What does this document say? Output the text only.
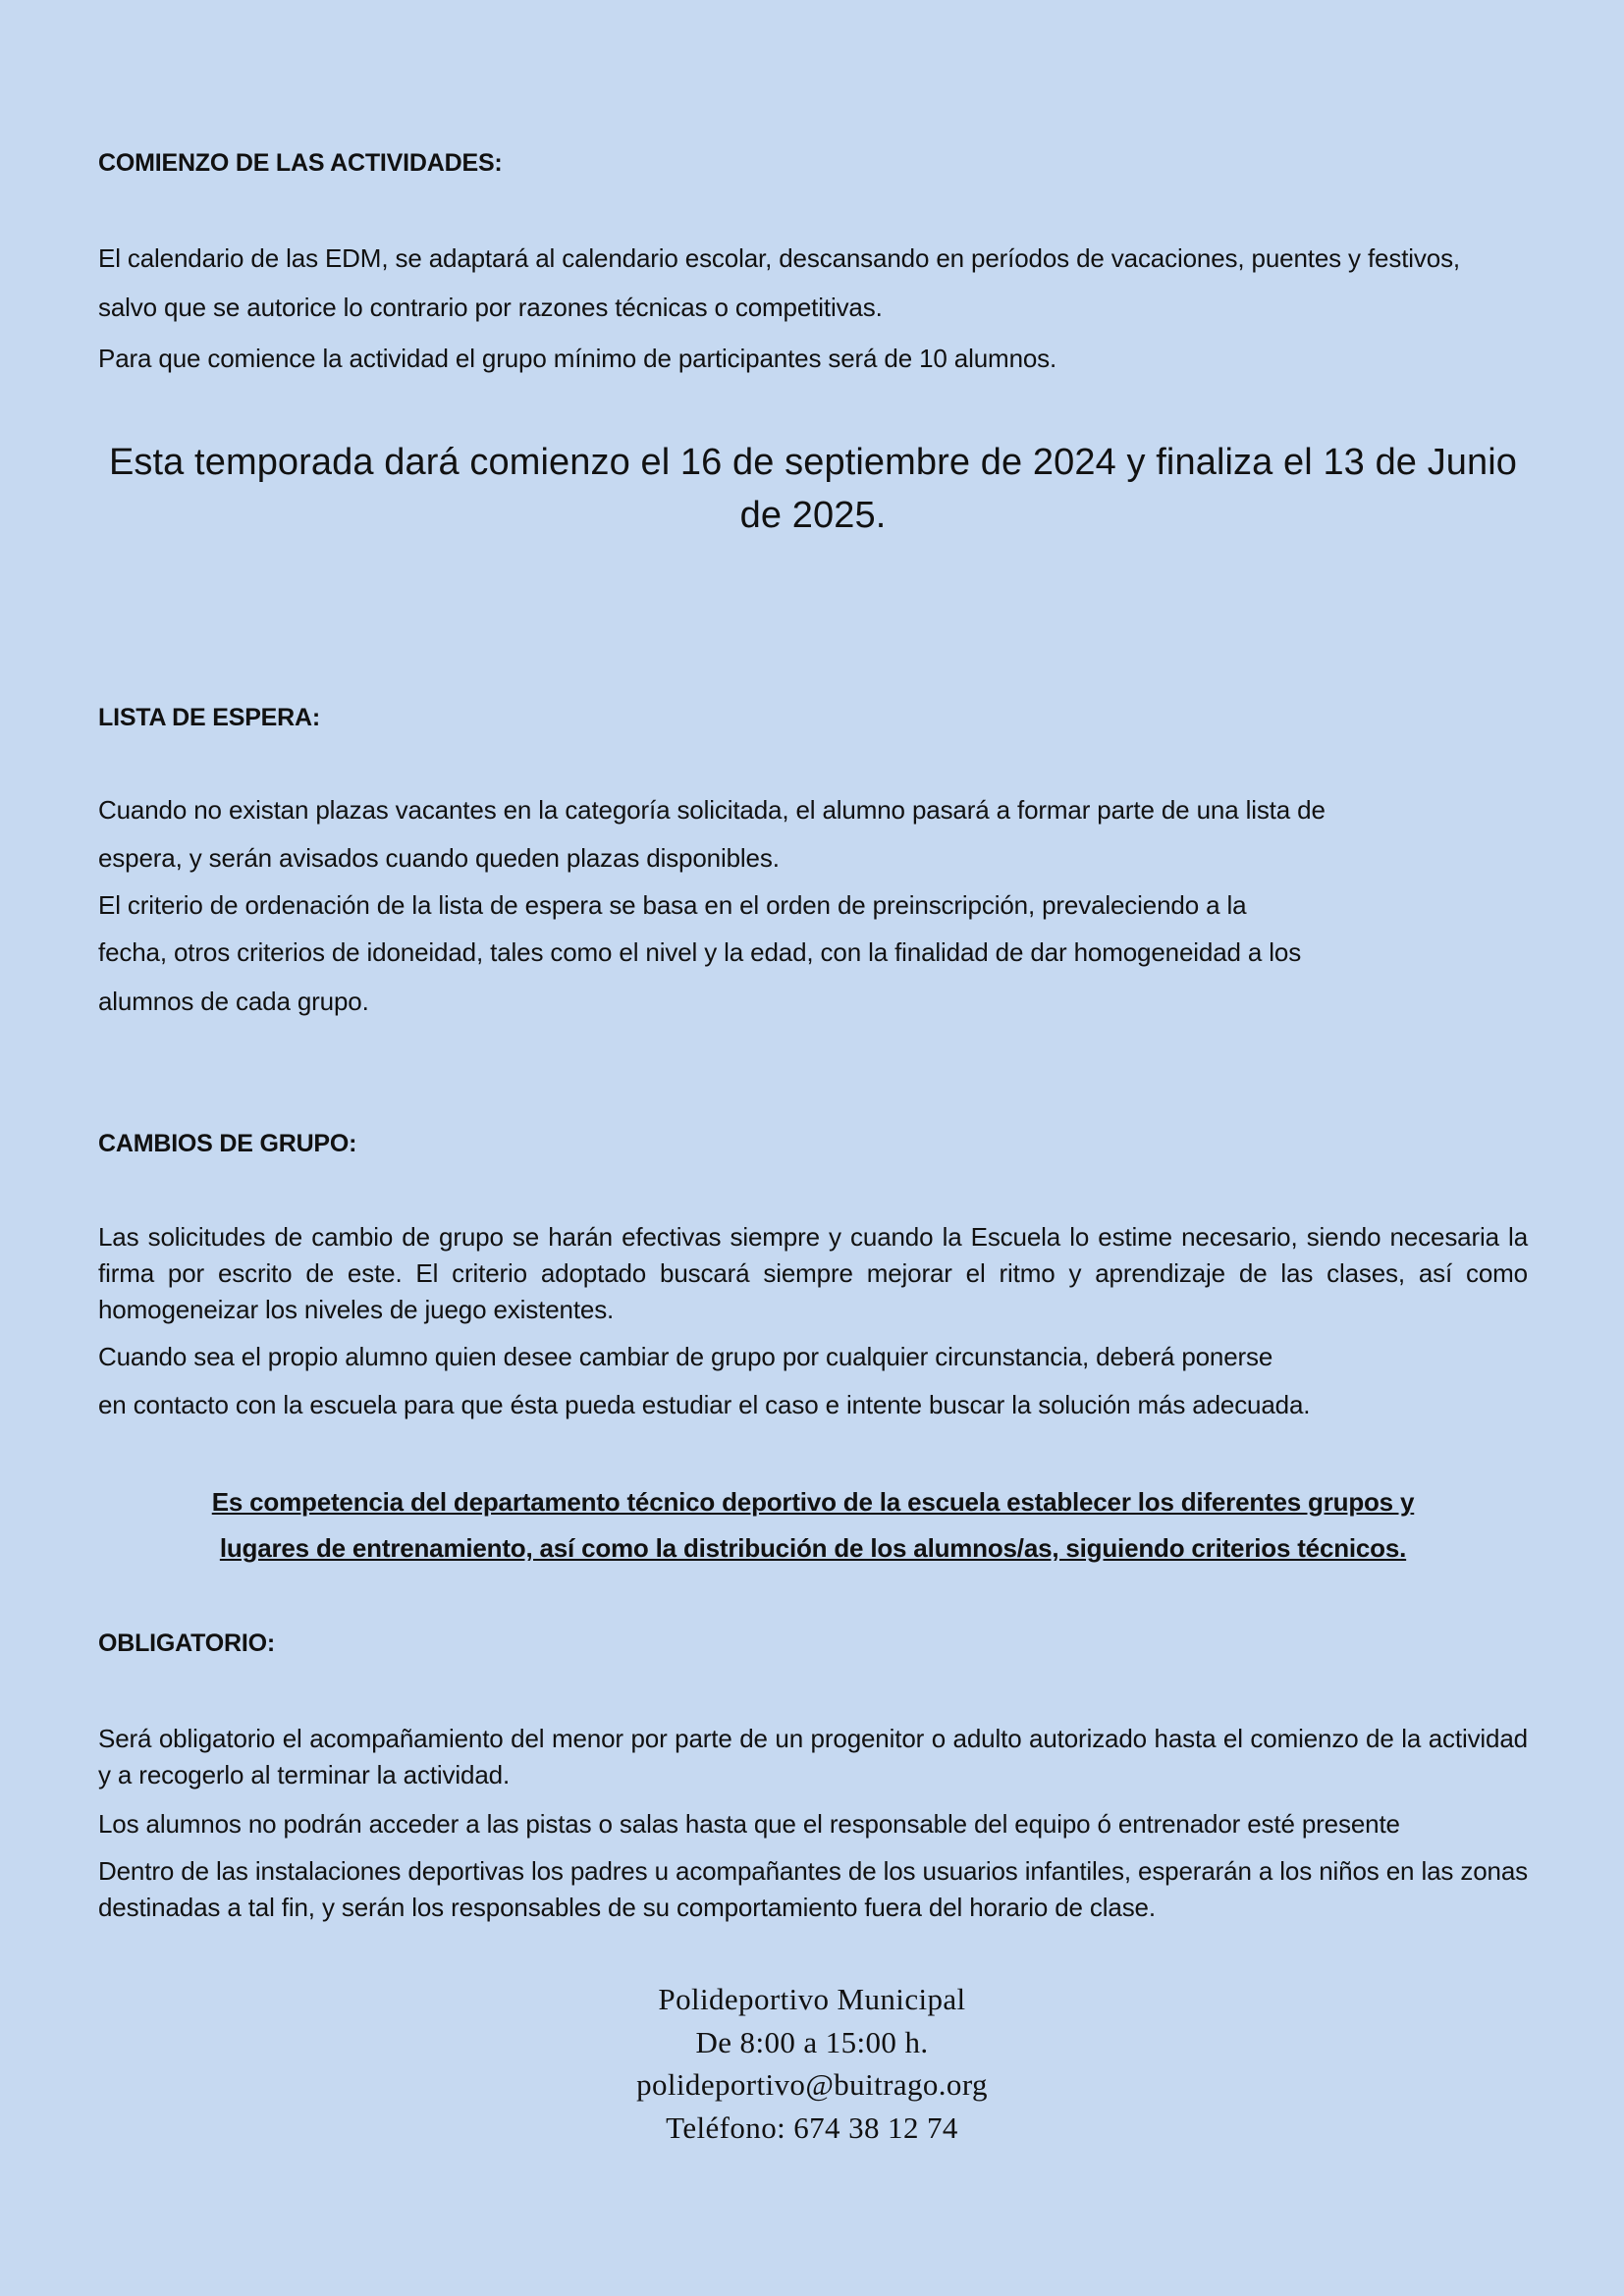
COMIENZO DE LAS ACTIVIDADES:
El calendario de las EDM, se adaptará al calendario escolar, descansando en períodos de vacaciones, puentes y festivos,
salvo que se autorice lo contrario por razones técnicas o competitivas.
Para que comience la actividad el grupo mínimo de participantes será de 10 alumnos.
Esta temporada dará comienzo el 16 de septiembre de 2024 y finaliza el 13 de Junio de 2025.
LISTA DE ESPERA:
Cuando no existan plazas vacantes en la categoría solicitada, el alumno pasará a formar parte de una lista de
espera, y serán avisados cuando queden plazas disponibles.
El criterio de ordenación de la lista de espera se basa en el orden de preinscripción, prevaleciendo a la
fecha, otros criterios de idoneidad, tales como el nivel y la edad, con la finalidad de dar homogeneidad a los
alumnos de cada grupo.
CAMBIOS DE GRUPO:
Las solicitudes de cambio de grupo se harán efectivas siempre y cuando la Escuela lo estime necesario, siendo necesaria la firma por escrito de este. El criterio adoptado buscará siempre mejorar el ritmo y aprendizaje de las clases, así como homogeneizar los niveles de juego existentes.
Cuando sea el propio alumno quien desee cambiar de grupo por cualquier circunstancia, deberá ponerse
en contacto con la escuela para que ésta pueda estudiar el caso e intente buscar la solución más adecuada.
Es competencia del departamento técnico deportivo de la escuela establecer los diferentes grupos y
lugares de entrenamiento, así como la distribución de los alumnos/as, siguiendo criterios técnicos.
OBLIGATORIO:
Será obligatorio el acompañamiento del menor por parte de un progenitor o adulto autorizado hasta el comienzo de la actividad y a recogerlo al terminar la actividad.
Los alumnos no podrán acceder a las pistas o salas hasta que el responsable del equipo ó entrenador esté presente
Dentro de las instalaciones deportivas los padres u acompañantes de los usuarios infantiles, esperarán a los niños en las zonas destinadas a tal fin, y serán los responsables de su comportamiento fuera del horario de clase.
Polideportivo Municipal
De 8:00 a 15:00 h.
polideportivo@buitrago.org
Teléfono: 674 38 12 74
